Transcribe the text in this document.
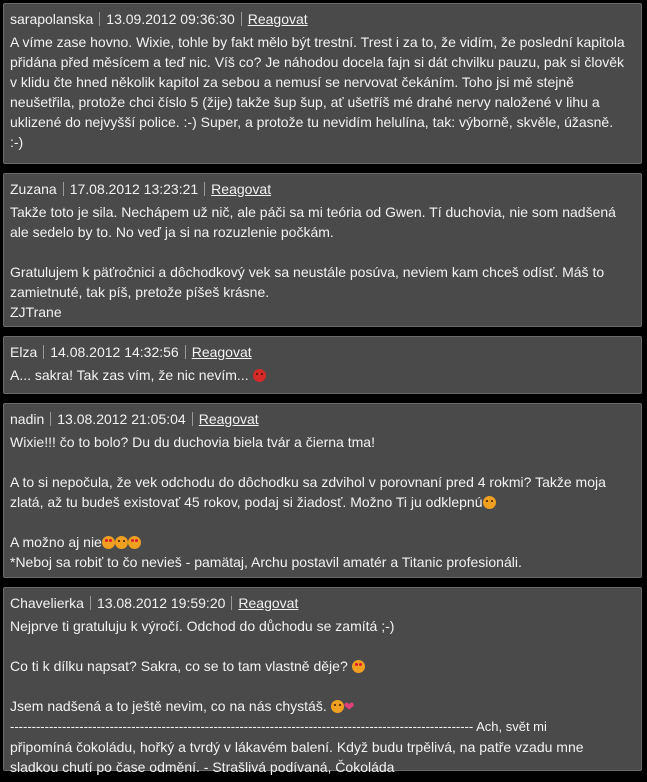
sarapolanska 13.09.2012 09:36:30 Reagovat

A víme zase hovno. Wixie, tohle by fakt mělo být trestní. Trest i za to, že vidím, že poslední kapitola

přidána před měsícem a teď nic. Víš co? Je náhodou docela fajn si dát chvilku pauzu, pak si člověk

v klidu čte hned několik kapitol za sebou a nemusí se nervovat čekáním. Toho jsi mě stejně

neušetřila, protože chci číslo 5 (žije) takže šup šup, ať ušetříš mé drahé nervy naložené v lihu a

uklizené do nejvyšší police. :-) Super, a protože tu nevidím helulína, tak: výborně, skvěle, úžasně.

:-)

Zuzana 17.08.2012 13:23:21 Reagovat

Takže toto je sila. Nechápem už nič, ale páči sa mi teória od Gwen. Tí duchovia, nie som nadšená

ale sedelo by to. No veď ja si na rozuzlenie počkám.

Gratulujem k päťročnici a dôchodkový vek sa neustále posúva, neviem kam chceš odísť. Máš to

zamietnuté, tak píš, pretože píšeš krásne.

ZJTrane

Elza 14.08.2012 14:32:56 Reagovat

A... sakra! Tak zas vím, že nic nevím...

nadin 13.08.2012 21:05:04 Reagovat

Wixie!!! čo to bolo? Du du duchovia biela tvár a čierna tma!

A to si nepočula, že vek odchodu do dôchodku sa zdvihol v porovnaní pred 4 rokmi? Takže moja

zlatá, až tu budeš existovať 45 rokov, podaj si žiadosť. Možno Ti ju odklepnú

A možno aj nie

*Neboj sa robiť to čo nevieš - pamätaj, Archu postavil amatér a Titanic profesionáli.

Chavelierka 13.08.2012 19:59:20 Reagovat

Nejprve ti gratuluju k výročí. Odchod do důchodu se zamítá ;-)

Co ti k dílku napsat? Sakra, co se to tam vlastně děje?

Jsem nadšená a to ještě nevim, co na nás chystáš. ❤

----------------------------------------------------------------------------------------------------------- Ach, svět mi

připomíná čokoládu, hořký a tvrdý v lákavém balení. Když budu trpělivá, na patře vzadu mne

sladkou chutí po čase odmění. - Strašlivá podívaná, Čokoláda
